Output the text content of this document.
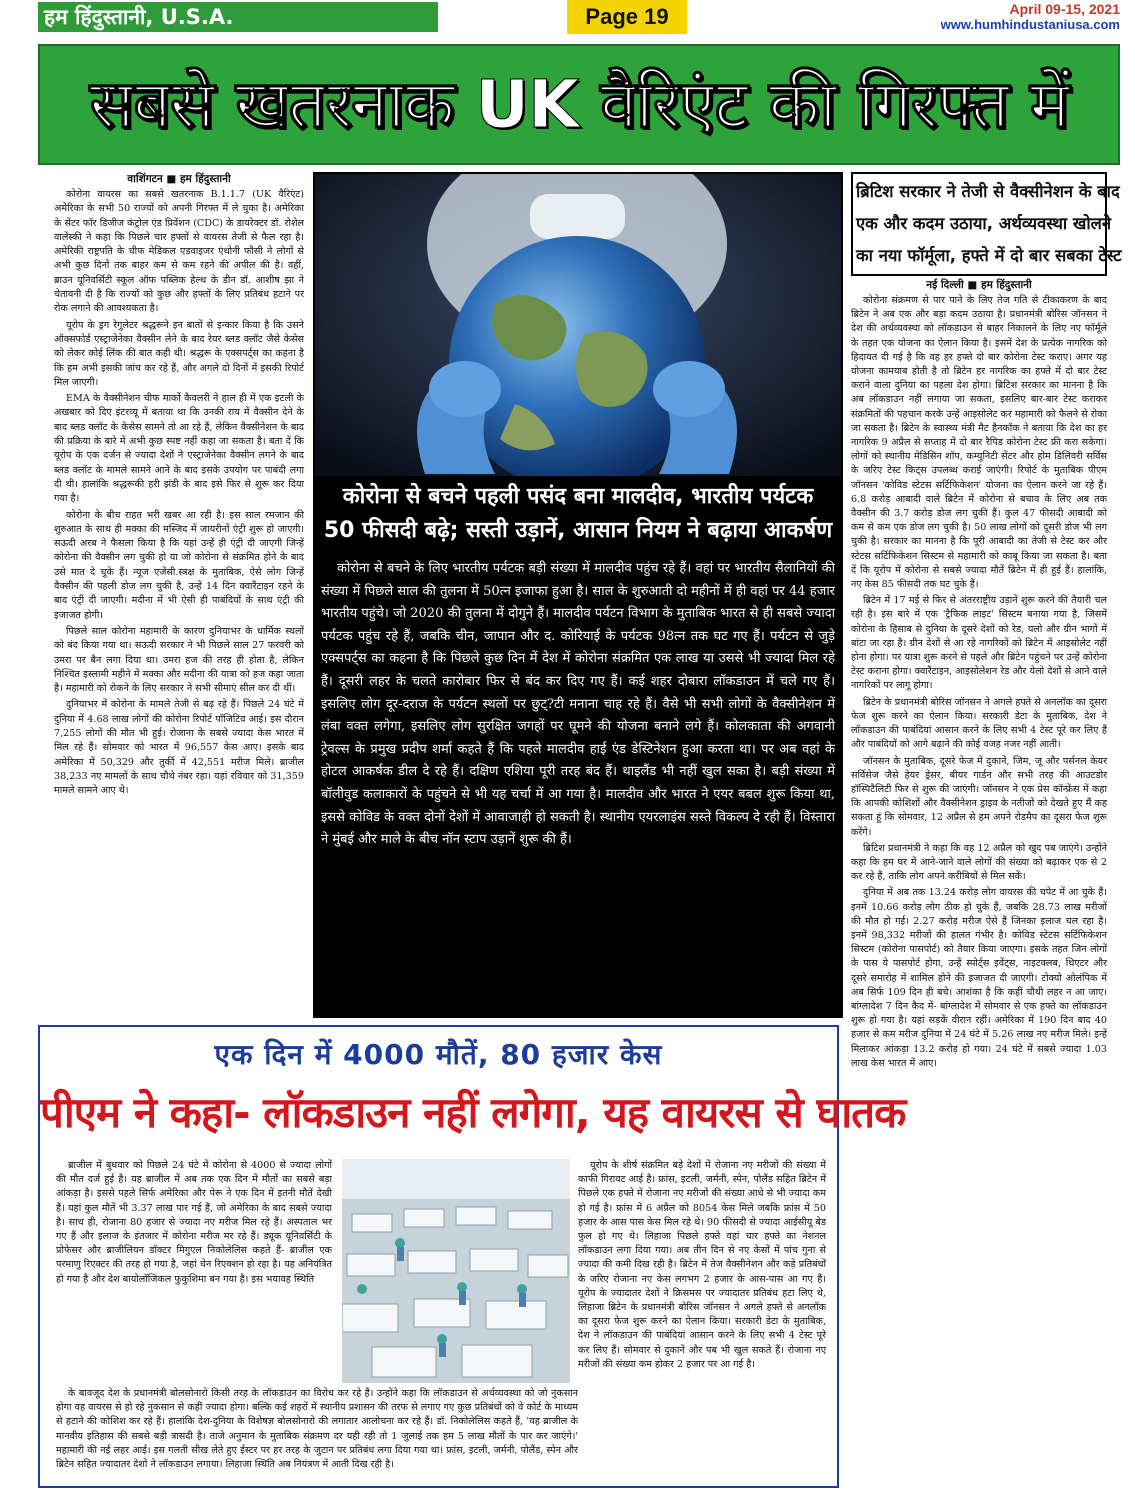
हम हिंदुस्तानी, U.S.A.	Page 19	April 09-15, 2021
www.humhindustaniusa.com
सबसे खतरनाक UK वैरिएंट की गिरफ्त में
वाशिंगटन ■ हम हिंदुस्तानी

कोरोना वायरस का सबसे खतरनाक B.1.1.7 (UK वैरिएंट) अमेरिका के सभी 50 राज्यों को अपनी गिरफ्त में ले चुका है। अमेरिका के सेंटर फॉर डिजीज कंट्रोल एंड प्रिवेंशन (CDC) के डायरेक्टर डॉ. रोशेल वालेंस्की ने कहा कि पिछले चार हफ्तों से वायरस तेजी से फैल रहा है। अमेरिकी राष्ट्रपति के चीफ मेडिकल एडवाइजर एंथोनी फौसी ने लोगों से अभी कुछ दिनों तक बाहर कम से कम रहने की अपील की है। वहीं, ब्राउन यूनिवर्सिटी स्कूल ऑफ पब्लिक हेल्थ के डीन डॉ. आशीष झा ने चेतावनी दी है कि राज्यों को कुछ और हफ्तों के लिए प्रतिबंध हटाने पर रोक लगाने की आवश्यकता है।

यूरोप के ड्रग रेगुलेटर श्रद्धरूने इन बातों से इन्कार किया है कि उसने ऑक्सफोर्ड एस्ट्राजेनेका वैक्सीन लेने के बाद रेयर ब्लड क्लॉट जैसे केसेस को लेकर कोई लिंक की बात कही थी। श्रद्धरू के एक्सपर्ट्स का कहना है कि हम अभी इसकी जांच कर रहे हैं, और अगले दो दिनों में इसकी रिपोर्ट मिल जाएगी।

EMA के वैक्सीनेशन चीफ मार्को कैवलरी ने हाल ही में एक इटली के अखबार को दिए इंटरव्यू में बताया था कि उनकी राय में वैक्सीन देने के बाद ब्लड क्लॉट के केसेस सामने तो आ रहे हैं, लेकिन वैक्सीनेशन के बाद की प्रक्रिया के बारे में अभी कुछ स्पष्ट नहीं कहा जा सकता है। बता दें कि यूरोप के एक दर्जन से ज्यादा देशों ने एस्ट्राजेनेका वैक्सीन लगने के बाद ब्लड क्लॉट के मामले सामने आने के बाद इसके उपयोग पर पाबंदी लगा दी थी। हालांकि श्रद्धरूकी हरी झंडी के बाद इसे फिर से शुरू कर दिया गया है।

कोरोना के बीच राहत भरी खबर आ रही है। इस साल रमजान की शुरुआत के साथ ही मक्का की मस्जिद में जायरीनों एंट्री शुरू हो जाएगी। सऊदी अरब ने फैसला किया है कि यहां उन्हें ही एंट्री दी जाएगी जिन्हें कोरोना की वैक्सीन लग चुकी हो या जो कोरोना से संक्रमित होने के बाद उसे मात दे चुके हैं। न्यूज एजेंसी.स्त्रक्ष के मुताबिक, ऐसे लोग जिन्हें वैक्सीन की पहली डोज लग चुकी है, उन्हें 14 दिन क्वारैंटाइन रहने के बाद एंट्री दी जाएगी। मदीना में भी ऐसी ही पाबंदियों के साथ एंट्री की इजाजत होगी।

पिछले साल कोरोना महामारी के कारण दुनियाभर के धार्मिक स्थलों को बंद किया गया था। सऊदी सरकार ने भी पिछले साल 27 फरवरी को उमरा पर बैन लगा दिया था। उमरा हज की तरह ही होता है, लेकिन निश्चित इस्लामी महीने में मक्का और मदीना की यात्रा को हज कहा जाता है। महामारी को रोकने के लिए सरकार ने सभी सीमाएं सील कर दी थीं।

दुनियाभर में कोरोना के मामले तेजी से बढ़ रहे हैं। पिछले 24 घंटे में दुनिया में 4.68 लाख लोगों की कोरोना रिपोर्ट पॉजिटिव आई। इस दौरान 7,255 लोगों की मौत भी हुई। रोजाना के सबसे ज्यादा केस भारत में मिल रहे हैं। सोमवार को भारत में 96,557 केस आए। इसके बाद अमेरिका में 50,329 और तुर्की में 42,551 मरीज मिले। ब्राजील 38,233 नए मामलों के साथ चौथे नंबर रहा। यहां रविवार को 31,359 मामले सामने आए थे।

कोरोना से बचने पहली पसंद बना मालदीव, भारतीय पर्यटक
50 फीसदी बढ़े; सस्ती उड़ानें, आसान नियम ने बढ़ाया आकर्षण
कोरोना से बचने के लिए भारतीय पर्यटक बड़ी संख्या में मालदीव पहुंच रहे हैं। वहां पर भारतीय सैलानियों की संख्या में पिछले साल की तुलना में 50त्न इजाफा हुआ है। साल के शुरुआती दो महीनों में ही वहां पर 44 हजार भारतीय पहुंचे। जो 2020 की तुलना में दोगुने हैं। मालदीव पर्यटन विभाग के मुताबिक भारत से ही सबसे ज्यादा पर्यटक पहुंच रहे हैं, जबकि चीन, जापान और द. कोरियाई के पर्यटक 98त्न तक घट गए हैं। पर्यटन से जुड़े एक्सपर्ट्स का कहना है कि पिछले कुछ दिन में देश में कोरोना संक्रमित एक लाख या उससे भी ज्यादा मिल रहे हैं। दूसरी लहर के चलते कारोबार फिर से बंद कर दिए गए हैं। कई शहर दोबारा लॉकडाउन में चले गए हैं। इसलिए लोग दूर-दराज के पर्यटन स्थलों पर छुट्?टी मनाना चाह रहे हैं। वैसे भी सभी लोगों के वैक्सीनेशन में लंबा वक्त लगेगा, इसलिए लोग सुरक्षित जगहों पर घूमने की योजना बनाने लगे हैं। कोलकाता की अगवानी ट्रेवल्स के प्रमुख प्रदीप शर्मा कहते हैं कि पहले मालदीव हाई एंड डेस्टिनेशन हुआ करता था। पर अब वहां के होटल आकर्षक डील दे रहे हैं। दक्षिण एशिया पूरी तरह बंद हैं। थाइलैंड भी नहीं खुल सका है। बड़ी संख्या में बॉलीवुड कलाकारों के पहुंचने से भी यह चर्चा में आ गया है। मालदीव और भारत ने एयर बबल शुरू किया था, इससे कोविड के वक्त दोनों देशों में आवाजाही हो सकती है। स्थानीय एयरलाइंस सस्ते विकल्प दे रही हैं। विस्तारा ने मुंबई और माले के बीच नॉन स्टाप उड़ानें शुरू की हैं।
ब्रिटिश सरकार ने तेजी से वैक्सीनेशन के बाद
एक और कदम उठाया, अर्थव्यवस्था खोलने
का नया फॉर्मूला, हफ्ते में दो बार सबका टेस्ट
नई दिल्ली ■ हम हिंदुस्तानी

कोरोना संक्रमण से पार पाने के लिए तेज गति से टीकाकरण के बाद ब्रिटेन ने अब एक और बड़ा कदम उठाया है। प्रधानमंत्री बोरिस जॉनसन ने देश की अर्थव्यवस्था को लॉकडाउन से बाहर निकालने के लिए नए फॉर्मूले के तहत एक योजना का ऐलान किया है। इसमें देश के प्रत्येक नागरिक को हिदायत दी गई है कि वह हर हफ्ते दो बार कोरोना टेस्ट कराए। अगर यह योजना कामयाब होती है तो ब्रिटेन हर नागरिक का हफ्ते में दो बार टेस्ट कराने वाला दुनिया का पहला देश होगा। ब्रिटिश सरकार का मानना है कि अब लॉकडाउन नहीं लगाया जा सकता, इसलिए बार-बार टेस्ट कराकर संक्रमितों की पहचान करके उन्हें आइसोलेट कर महामारी को फैलने से रोका जा सकता है। ब्रिटेन के स्वास्थ्य मंत्री मैट हैनकॉक ने बताया कि देश का हर नागरिक 9 अप्रैल से सप्ताह में दो बार रैपिड कोरोना टेस्ट फ्री करा सकेगा। लोगों को स्थानीय मेडिसिन शॉप, कम्युनिटी सेंटर और होम डिलिवरी सर्विस के जरिए टेस्ट किट्स उपलब्ध कराई जाएंगी। रिपोर्ट के मुताबिक पीएम जॉनसन 'कोविड स्टेटस सर्टिफिकेशन' योजना का ऐलान करने जा रहे हैं। 6.8 करोड़ आबादी वाले ब्रिटेन में कोरोना से बचाव के लिए अब तक वैक्सीन की 3.7 करोड़ डोज लग चुकी हैं। कुल 47 फीसदी आबादी को कम से कम एक डोज लग चुकी है। 50 लाख लोगों को दूसरी डोज भी लग चुकी है। सरकार का मानना है कि पूरी आबादी का तेजी से टेस्ट कर और स्टेटस सर्टिफिकेशन सिस्टम से महामारी को काबू किया जा सकता है। बता दें कि यूरोप में कोरोना से सबसे ज्यादा मौतें ब्रिटेन में ही हुई हैं। हालांकि, नए केस 85 फीसदी तक घट चुके हैं।

ब्रिटेन में 17 मई से फिर से अंतरराष्ट्रीय उड़ानें शुरू करने की तैयारी चल रही है। इस बारे में एक 'ट्रैफिक लाइट' सिस्टम बनाया गया है, जिसमें कोरोना के हिसाब से दुनिया के दूसरे देशों को रेड, यलो और ग्रीन भागों में बांटा जा रहा है। ग्रीन देशों से आ रहे नागरिकों को ब्रिटेन में आइसोलेट नहीं होना होगा। पर यात्रा शुरू करने से पहले और ब्रिटेन पहुंचने पर उन्हें कोरोना टेस्ट कराना होगा। क्वारैंटाइन, आइसोलेशन रेड और येलो देशों से आने वाले नागरिकों पर लागू होगा।

ब्रिटेन के प्रधानमंत्री बोरिस जॉनसन ने अगले हफ्ते से अनलॉक का दूसरा फेज शुरू करने का ऐलान किया। सरकारी डेटा के मुताबिक, देश ने लॉकडाउन की पाबंदियां आसान करने के लिए सभी 4 टेस्ट पूरे कर लिए हैं और पाबंदियों को आगे बढ़ाने की कोई वजह नजर नहीं आती।

जॉनसन के मुताबिक, दूसरे फेज में दुकानें, जिम, जू और पर्सनल केयर सर्विसेज जैसे हेयर ड्रेसर, बीयर गार्डन और सभी तरह की आउटडोर हॉस्पिटैलिटी फिर से शुरू की जाएंगी। जॉनसन ने एक प्रेस कॉन्फ्रेंस में कहा कि आपकी कोशिशों और वैक्सीनेशन ड्राइव के नतीजों को देखते हुए मैं कह सकता हूं कि सोमवार, 12 अप्रैल से हम अपने रोडमैप का दूसरा फेज शुरू करेंगे।

ब्रिटिश प्रधानमंत्री ने कहा कि वह 12 अप्रैल को खुद पब जाएंगे। उन्होंने कहा कि हम घर में आने-जाने वाले लोगों की संख्या को बढ़ाकर एक से 2 कर रहे हैं, ताकि लोग अपने करीबियों से मिल सकें।

दुनिया में अब तक 13.24 करोड़ लोग वायरस की चपेट में आ चुके हैं। इनमें 10.66 करोड़ लोग ठीक हो चुके हैं, जबकि 28.73 लाख मरीजों की मौत हो गई। 2.27 करोड़ मरीज ऐसे हैं जिनका इलाज चल रहा है। इनमें 98,332 मरीजों की हालत गंभीर है। कोविड स्टेटस सर्टिफिकेशन सिस्टम (कोरोना पासपोर्ट) को तैयार किया जाएगा। इसके तहत जिन लोगों के पास ये पासपोर्ट होगा, उन्हें स्पोर्ट्स इवेंट्स, नाइटक्लब, थिएटर और दूसरे समारोह में शामिल होने की इजाजत दी जाएगी। टोक्यो ओलंपिक में अब सिर्फ 109 दिन ही बचे। आशंका है कि कहीं चौथी लहर न आ जाए। बांग्लादेश 7 दिन कैद में- बांग्लादेश में सोमवार से एक हफ्ते का लॉकडाउन शुरू हो गया है। यहां सड़कें वीरान रहीं। अमेरिका में 190 दिन बाद 40 हजार से कम मरीज दुनिया में 24 घंटे में 5.26 लाख नए मरीज मिले। इन्हें मिलाकर आंकड़ा 13.2 करोड़ हो गया। 24 घंटे में सबसे ज्यादा 1.03 लाख केस भारत में आए।

एक दिन में 4000 मौतें, 80 हजार केस
पीएम ने कहा- लॉकडाउन नहीं लगेगा, यह वायरस से घातक

ब्राजील में बुधवार को पिछले 24 घंटे में कोरोना से 4000 से ज्यादा लोगों की मौत दर्ज हुई है। यह ब्राजील में अब तक एक दिन में मौतों का सबसे बड़ा आंकड़ा है। इससे पहले सिर्फ अमेरिका और पेरू ने एक दिन में इतनी मौतें देखी हैं। यहां कुल मौतें भी 3.37 लाख पार गई हैं, जो अमेरिका के बाद सबसे ज्यादा है। साथ ही, रोजाना 80 हजार से ज्यादा नए मरीज मिल रहे हैं। अस्पताल भर गए हैं और इलाज के इंतजार में कोरोना मरीज मर रहे हैं। ड्यूक यूनिवर्सिटी के प्रोफेसर और ब्राजीलियन डॉक्टर मिगुएल निकोलेलिस कहते हैं- ब्राजील एक परमाणु रिएक्टर की तरह हो गया है, जहां चेन रिएक्शन हो रहा है। यह अनियंत्रित हो गया है और देश बायोलॉजिकल फुकुशिमा बन गया है। इस भयावह स्थिति

के बावजूद देश के प्रधानमंत्री बोलसोनारो किसी तरह के लॉकडाउन का विरोध कर रहे हैं। उन्होंने कहा कि लॉकडाउन से अर्थव्यवस्था को जो नुकसान होगा वह वायरस से हो रहे नुकसान से कहीं ज्यादा होगा। बल्कि कई शहरों में स्थानीय प्रशासन की तरफ से लगाए गए कुछ प्रतिबंधों को वे कोर्ट के माध्यम से हटाने की कोशिश कर रहे हैं। हालांकि देश-दुनिया के विशेषज्ञ बोलसोनारो की लगातार आलोचना कर रहे हैं। डॉ. निकोलेलिस कहते हैं, 'यह ब्राजील के मानवीय इतिहास की सबसे बड़ी त्रासदी है। ताजे अनुमान के मुताबिक संक्रमण दर यही रही तो 1 जुलाई तक हम 5 लाख मौतों के पार कर जाएंगे।' महामारी की नई लहर आई। इस गलती सीख लेते हुए ईस्टर पर हर तरह के जुटान पर प्रतिबंध लगा दिया गया था। फ्रांस, इटली, जर्मनी, पोलैंड, स्पेन और ब्रिटेन सहित ज्यादातर देशों ने लॉकडाउन लगाया। लिहाजा स्थिति अब नियंत्रण में आती दिख रही है।

यूरोप के शीर्ष संक्रमित बड़े देशों में रोजाना नए मरीजों की संख्या में काफी गिरावट आई है। फ्रांस, इटली, जर्मनी, स्पेन, पोलैंड सहित ब्रिटेन में पिछले एक हफ्ते में रोजाना नए मरीजों की संख्या आधे से भी ज्यादा कम हो गई है। फ्रांस में 6 अप्रैल को 8054 केस मिले जबकि फ्रांस में 50 हजार के आस पास केस मिल रहे थे। 90 फीसदी से ज्यादा आईसीयू बेड फुल हो गए थे। लिहाजा पिछले हफ्ते वहां चार हफ्ते का नेशनल लॉकडाउन लगा दिया गया। अब तीन दिन से नए केसों में पांच गुना से ज्यादा की कमी दिख रही है। ब्रिटेन में तेज वैक्सीनेशन और कड़े प्रतिबंधों के जरिए रोजाना नए केस लगभग 2 हजार के आस-पास आ गए हैं। यूरोप के ज्यादातर देशों ने क्रिसमस पर ज्यादातर प्रतिबंध हटा लिए थे, लिहाजा ब्रिटेन के प्रधानमंत्री बोरिस जॉनसन ने अगले हफ्ते से अनलॉक का दूसरा फेज शुरू करने का ऐलान किया। सरकारी डेटा के मुताबिक, देश ने लॉकडाउन की पाबंदियां आसान करने के लिए सभी 4 टेस्ट पूरे कर लिए हैं। सोमवार से दुकानें और पब भी खुल सकते हैं। रोजाना नए मरीजों की संख्या कम होकर 2 हजार पर आ गई है।
